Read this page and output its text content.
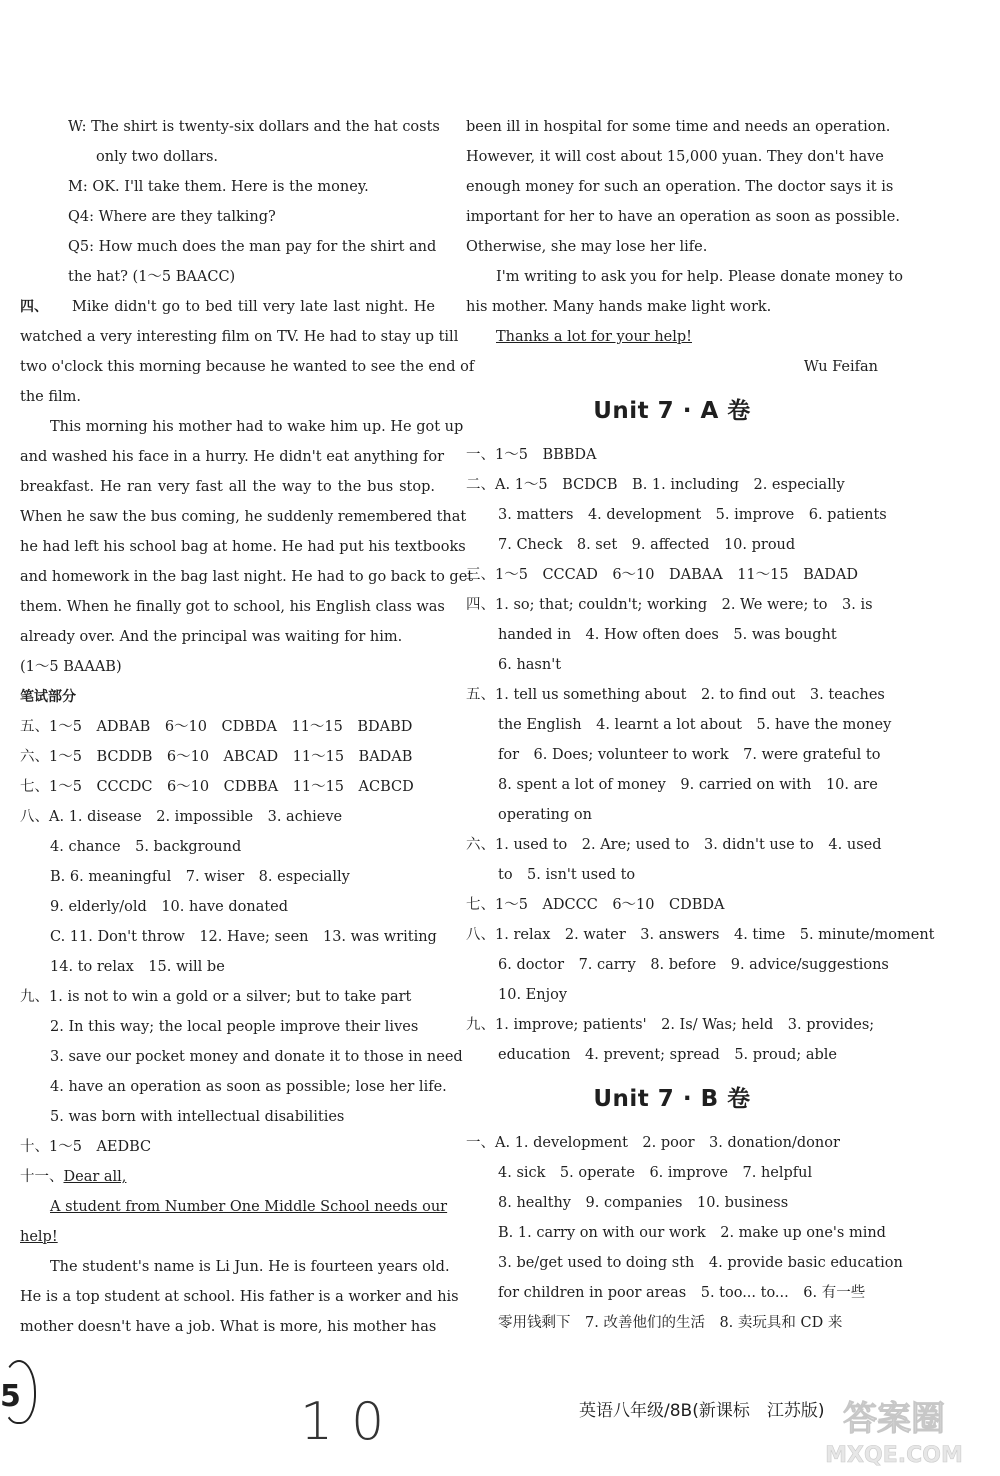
W: The shirt is twenty-six dollars and the hat costs
only two dollars.
M: OK. I'll take them. Here is the money.
Q4: Where are they talking?
Q5: How much does the man pay for the shirt and
the hat? (1～5 BAACC)
四、	Mike didn't go to bed till very late last night. He
watched a very interesting film on TV. He had to stay up till
two o'clock this morning because he wanted to see the end of
the film.
This morning his mother had to wake him up. He got up
and washed his face in a hurry. He didn't eat anything for
breakfast. He ran very fast all the way to the bus stop.
When he saw the bus coming, he suddenly remembered that
he had left his school bag at home. He had put his textbooks
and homework in the bag last night. He had to go back to get
them. When he finally got to school, his English class was
already over. And the principal was waiting for him.
(1～5 BAAAB)
笔试部分
五、1～5　ADBAB　6～10　CDBDA　11～15　BDABD
六、1～5　BCDDB　6～10　ABCAD　11～15　BADAB
七、1～5　CCCDC　6～10　CDBBA　11～15　ACBCD
八、A. 1. disease　2. impossible　3. achieve
4. chance　5. background
B. 6. meaningful　7. wiser　8. especially
9. elderly/old　10. have donated
C. 11. Don't throw　12. Have; seen　13. was writing
14. to relax　15. will be
九、1. is not to win a gold or a silver; but to take part
2. In this way; the local people improve their lives
3. save our pocket money and donate it to those in need
4. have an operation as soon as possible; lose her life.
5. was born with intellectual disabilities
十、1～5　AEDBC
十一、Dear all,
A student from Number One Middle School needs our
help!
The student's name is Li Jun. He is fourteen years old.
He is a top student at school. His father is a worker and his
mother doesn't have a job. What is more, his mother has
been ill in hospital for some time and needs an operation.
However, it will cost about 15,000 yuan. They don't have
enough money for such an operation. The doctor says it is
important for her to have an operation as soon as possible.
Otherwise, she may lose her life.
I'm writing to ask you for help. Please donate money to
his mother. Many hands make light work.
Thanks a lot for your help!
Wu Feifan
Unit 7 · A 卷
一、1～5　BBBDA
二、A. 1～5　BCDCB　B. 1. including　2. especially
3. matters　4. development　5. improve　6. patients
7. Check　8. set　9. affected　10. proud
三、1～5　CCCAD　6～10　DABAA　11～15　BADAD
四、1. so; that; couldn't; working　2. We were; to　3. is
handed in　4. How often does　5. was bought
6. hasn't
五、1. tell us something about　2. to find out　3. teaches
the English　4. learnt a lot about　5. have the money
for　6. Does; volunteer to work　7. were grateful to
8. spent a lot of money　9. carried on with　10. are
operating on
六、1. used to　2. Are; used to　3. didn't use to　4. used
to　5. isn't used to
七、1～5　ADCCC　6～10　CDBDA
八、1. relax　2. water　3. answers　4. time　5. minute/moment
6. doctor　7. carry　8. before　9. advice/suggestions
10. Enjoy
九、1. improve; patients'　2. Is/ Was; held　3. provides;
education　4. prevent; spread　5. proud; able
Unit 7 · B 卷
一、A. 1. development　2. poor　3. donation/donor
4. sick　5. operate　6. improve　7. helpful
8. healthy　9. companies　10. business
B. 1. carry on with our work　2. make up one's mind
3. be/get used to doing sth　4. provide basic education
for children in poor areas　5. too... to...　6. 有一些
零用钱剩下　7. 改善他们的生活　8. 卖玩具和 CD 来
5	10	英语八年级/8B(新课标　江苏版) 答案圈
MXQE.COM
